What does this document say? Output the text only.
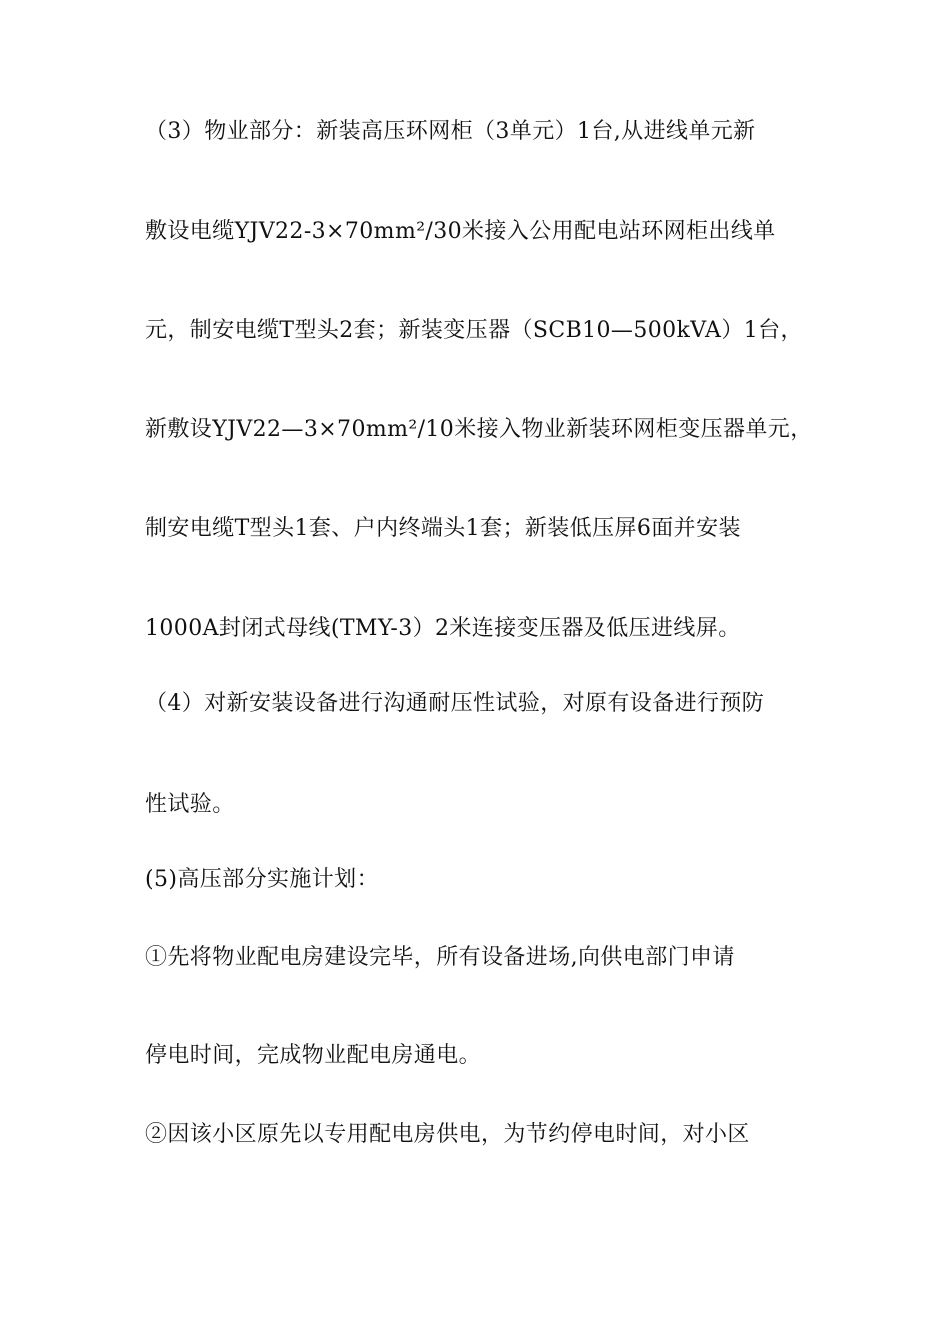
（3）物业部分：新装高压环网柜（3单元）1台,从进线单元新
敷设电缆YJV22-3×70mm²/30米接入公用配电站环网柜出线单
元，制安电缆T型头2套；新装变压器（SCB10—500kVA）1台，
新敷设YJV22—3×70mm²/10米接入物业新装环网柜变压器单元，
制安电缆T型头1套、户内终端头1套；新装低压屏6面并安装
1000A封闭式母线(TMY-3）2米连接变压器及低压进线屏。
（4）对新安装设备进行沟通耐压性试验，对原有设备进行预防
性试验。
(5)高压部分实施计划：
①先将物业配电房建设完毕，所有设备进场,向供电部门申请
停电时间，完成物业配电房通电。
②因该小区原先以专用配电房供电，为节约停电时间，对小区
